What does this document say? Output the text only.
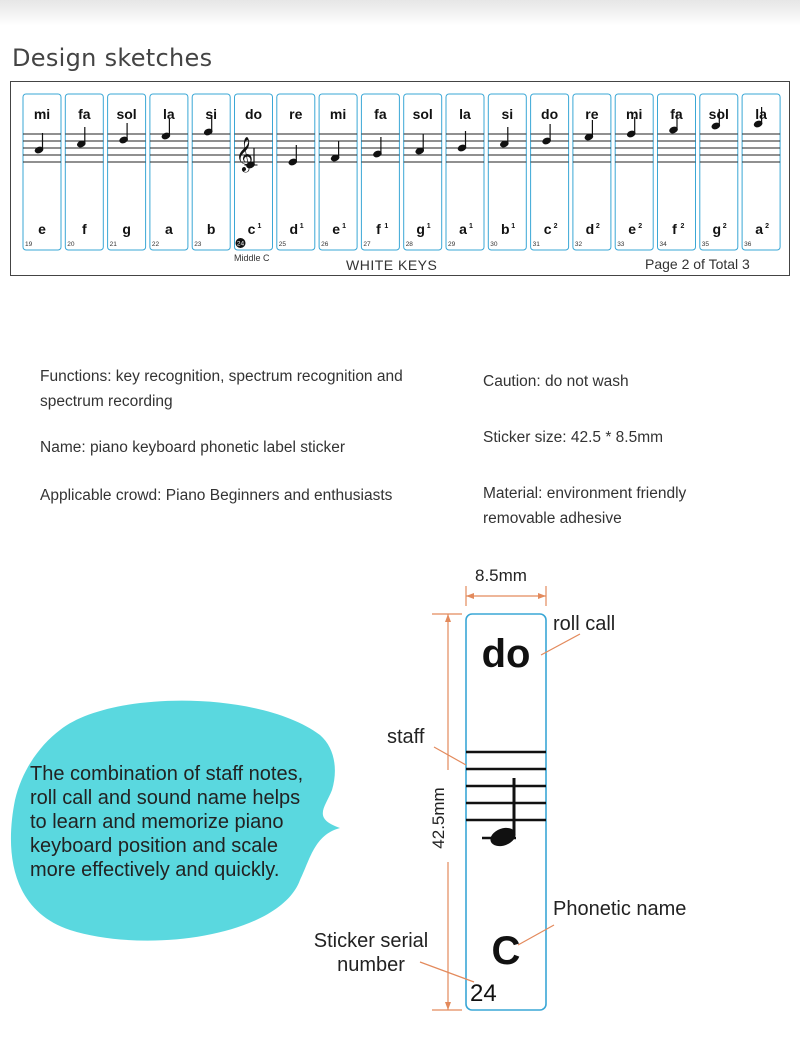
Design sketches
mi
e
19
fa
f
20
sol
g
21
la
a
22
si
b
23
𝄞
do
c 1
24
re
d 1
25
mi
e 1
26
fa
f 1
27
sol
g 1
28
la
a 1
29
si
b 1
30
do
c 2
31
re
d 2
32
mi
e 2
33
fa
f 2
34
sol
g 2
35
la
a 2
36
Middle C	WHITE KEYS	Page 2 of Total 3
Functions: key recognition, spectrum recognition and spectrum recording
Name: piano keyboard phonetic label sticker
Applicable crowd: Piano Beginners and enthusiasts
Caution: do not wash
Sticker size: 42.5 * 8.5mm
Material: environment friendly removable adhesive
42.5mm
8.5mm
roll call
staff
Phonetic name
Sticker serial number
do
C
24
The combination of staff notes, roll call and sound name helps to learn and memorize piano keyboard position and scale more effectively and quickly.
